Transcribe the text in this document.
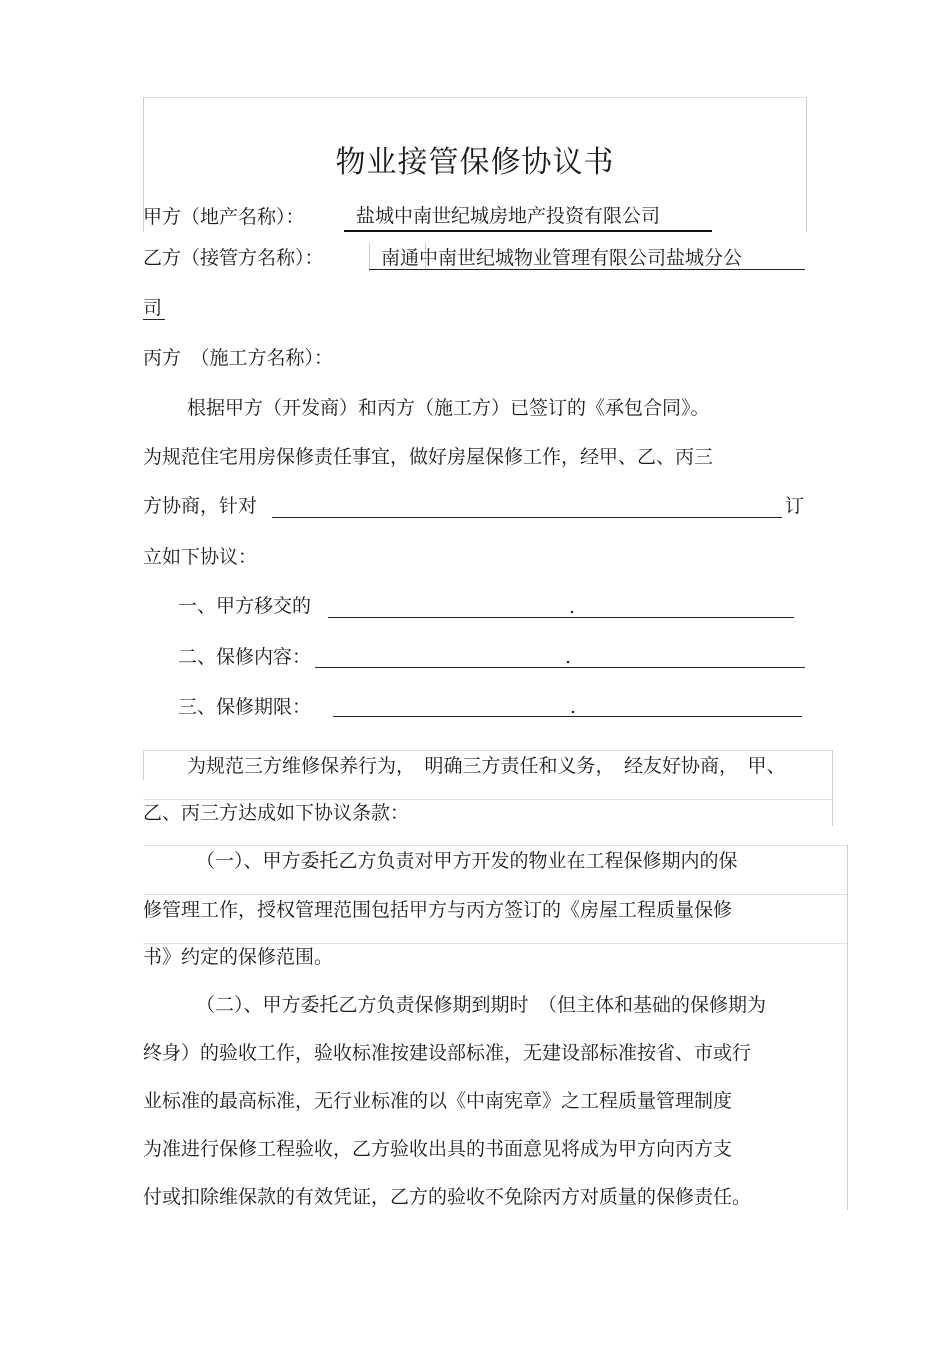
物业接管保修协议书
甲方（地产名称）：	盐城中南世纪城房地产投资有限公司
乙方（接管方名称）：	南通中南世纪城物业管理有限公司盐城分公
司
丙方　（施工方名称）：
根据甲方（开发商）和丙方（施工方）已签订的《承包合同》。
为规范住宅用房保修责任事宜，做好房屋保修工作，经甲、乙、丙三
方协商，针对	订
立如下协议：
一、甲方移交的	.
二、保修内容：	.
三、保修期限：	.
为规范三方维修保养行为，　明确三方责任和义务，　经友好协商，　甲、
乙、丙三方达成如下协议条款：
（一）、甲方委托乙方负责对甲方开发的物业在工程保修期内的保
修管理工作，授权管理范围包括甲方与丙方签订的《房屋工程质量保修
书》约定的保修范围。
（二）、甲方委托乙方负责保修期到期时　（但主体和基础的保修期为
终身）的验收工作，验收标准按建设部标准，无建设部标准按省、市或行
业标准的最高标准，无行业标准的以《中南宪章》之工程质量管理制度
为准进行保修工程验收，乙方验收出具的书面意见将成为甲方向丙方支
付或扣除维保款的有效凭证，乙方的验收不免除丙方对质量的保修责任。
